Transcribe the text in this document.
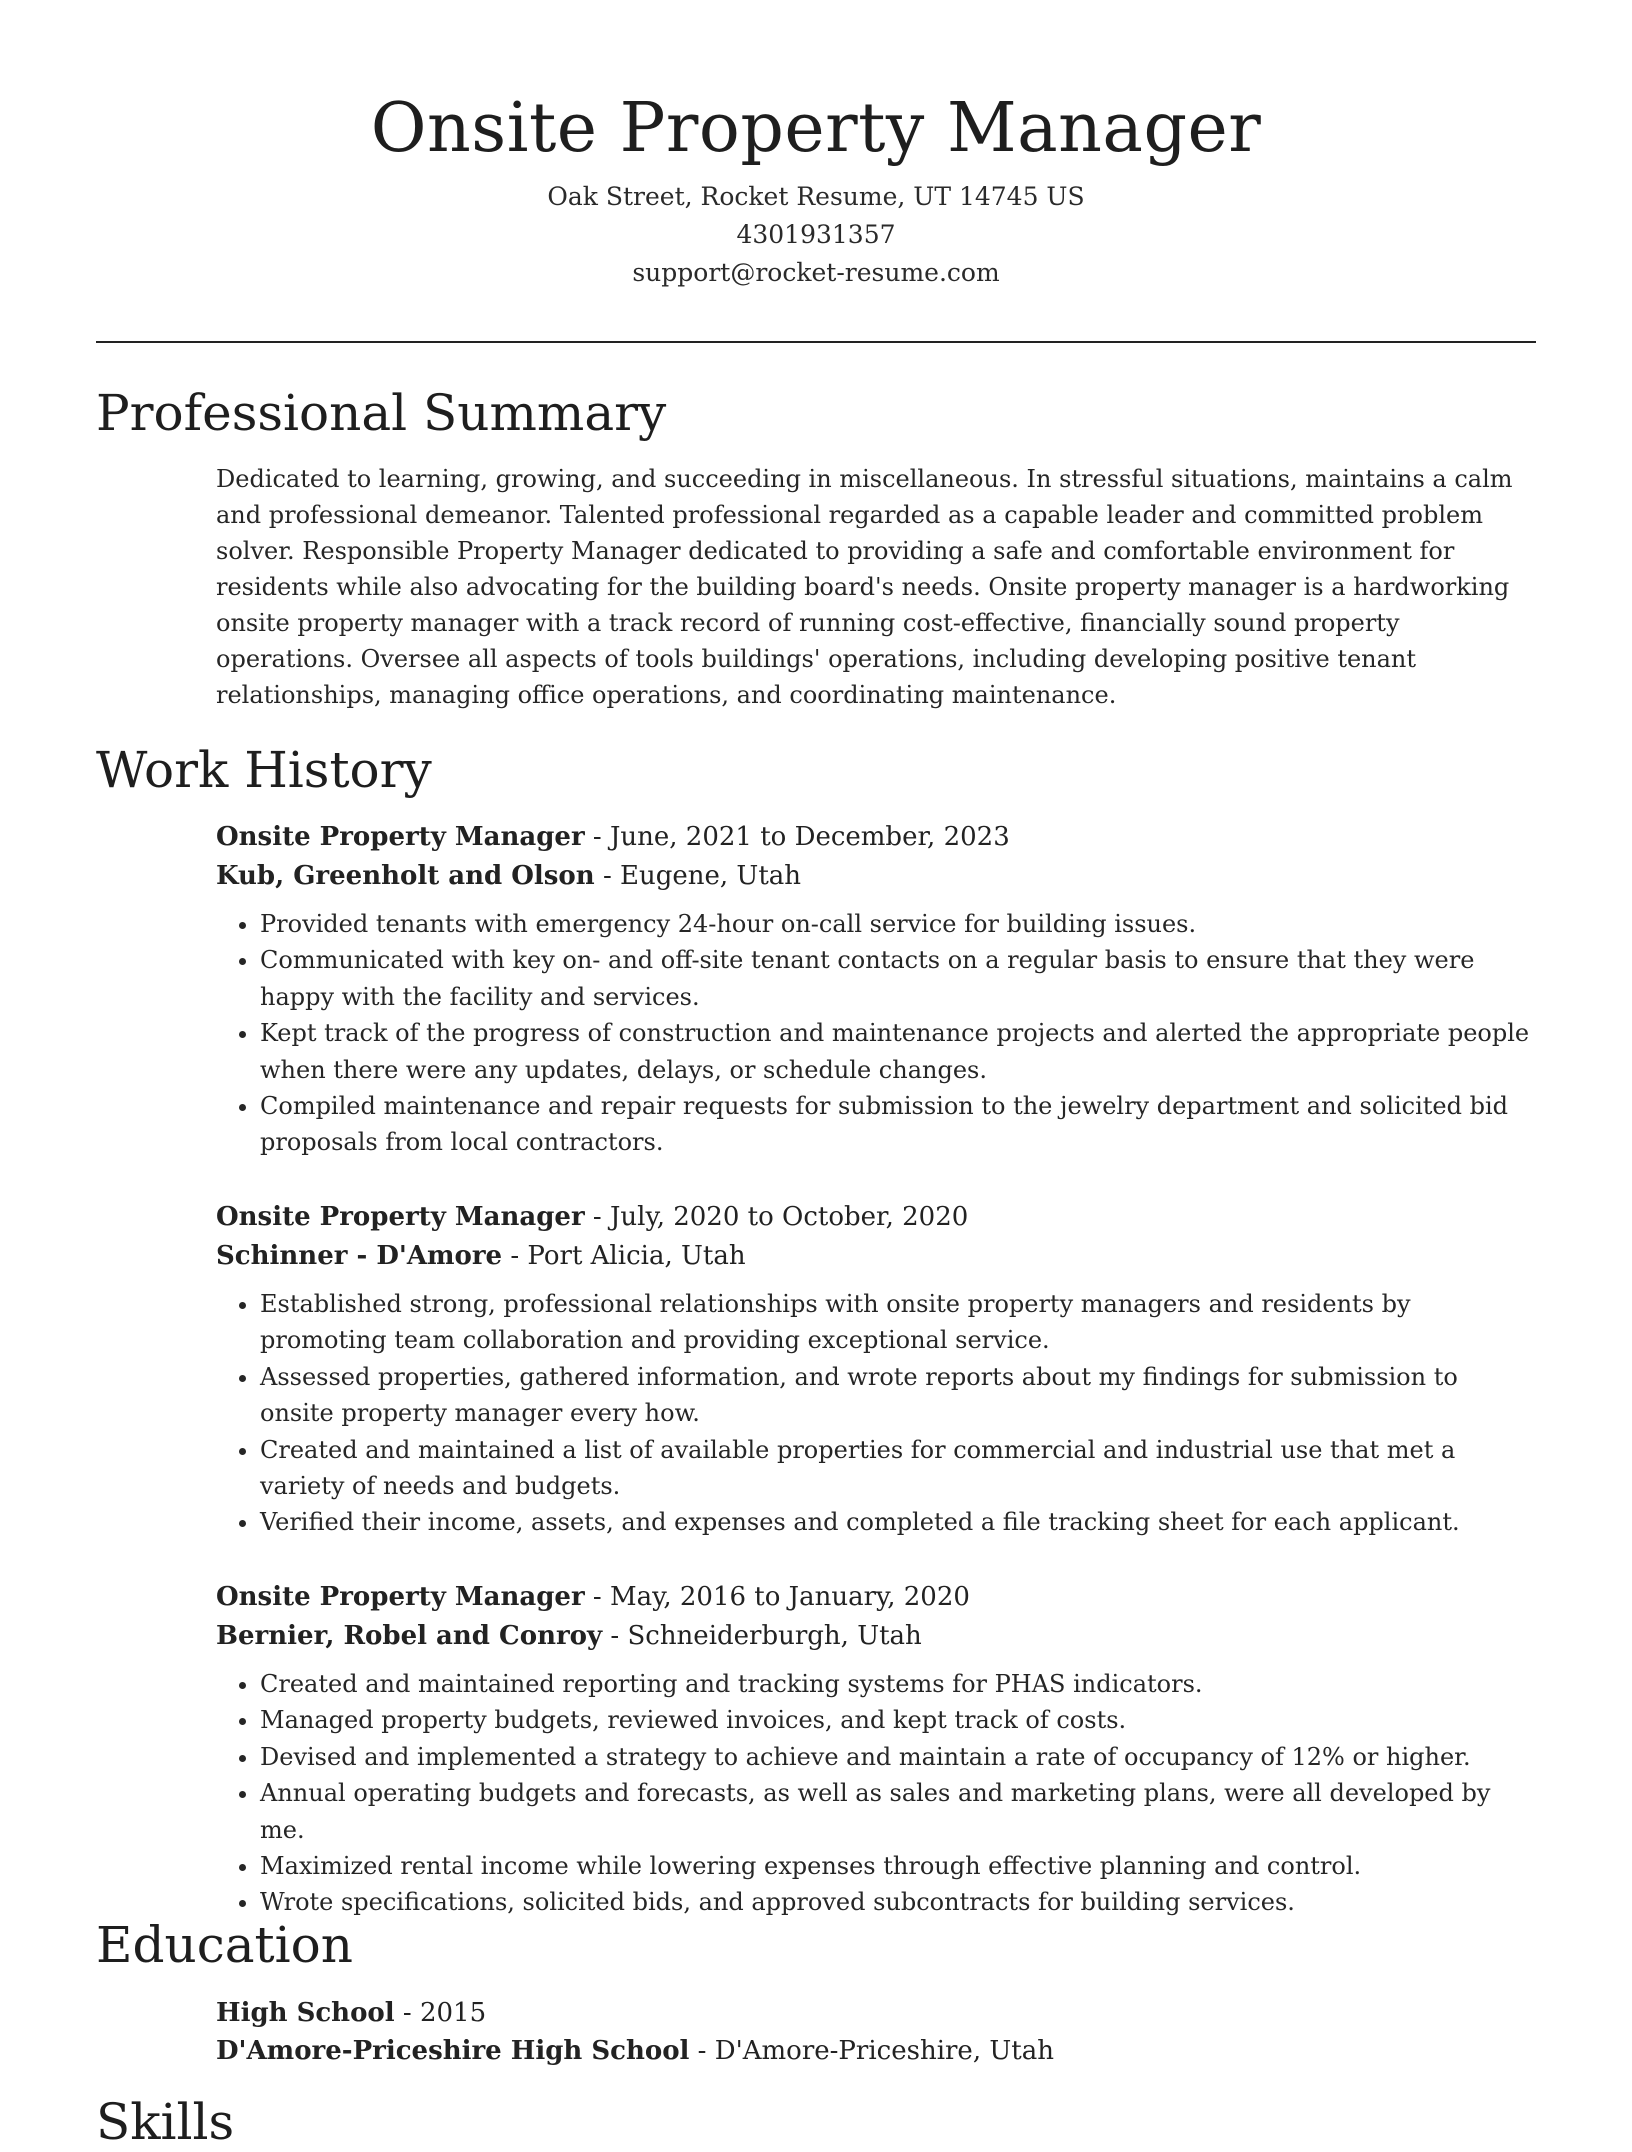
Onsite Property Manager

Oak Street, Rocket Resume, UT 14745 US

4301931357

support@rocket-resume.com

Professional Summary

Dedicated to learning, growing, and succeeding in miscellaneous. In stressful situations, maintains a calm and professional demeanor. Talented professional regarded as a capable leader and committed problem solver. Responsible Property Manager dedicated to providing a safe and comfortable environment for residents while also advocating for the building board's needs. Onsite property manager is a hardworking onsite property manager with a track record of running cost-effective, financially sound property operations. Oversee all aspects of tools buildings' operations, including developing positive tenant relationships, managing office operations, and coordinating maintenance.

Work History

Onsite Property Manager - June, 2021 to December, 2023

Kub, Greenholt and Olson - Eugene, Utah

• Provided tenants with emergency 24-hour on-call service for building issues.
• Communicated with key on- and off-site tenant contacts on a regular basis to ensure that they were happy with the facility and services.
• Kept track of the progress of construction and maintenance projects and alerted the appropriate people when there were any updates, delays, or schedule changes.
• Compiled maintenance and repair requests for submission to the jewelry department and solicited bid proposals from local contractors.

Onsite Property Manager - July, 2020 to October, 2020

Schinner - D'Amore - Port Alicia, Utah

• Established strong, professional relationships with onsite property managers and residents by promoting team collaboration and providing exceptional service.
• Assessed properties, gathered information, and wrote reports about my findings for submission to onsite property manager every how.
• Created and maintained a list of available properties for commercial and industrial use that met a variety of needs and budgets.
• Verified their income, assets, and expenses and completed a file tracking sheet for each applicant.

Onsite Property Manager - May, 2016 to January, 2020

Bernier, Robel and Conroy - Schneiderburgh, Utah

• Created and maintained reporting and tracking systems for PHAS indicators.
• Managed property budgets, reviewed invoices, and kept track of costs.
• Devised and implemented a strategy to achieve and maintain a rate of occupancy of 12% or higher.
• Annual operating budgets and forecasts, as well as sales and marketing plans, were all developed by me.
• Maximized rental income while lowering expenses through effective planning and control.
• Wrote specifications, solicited bids, and approved subcontracts for building services.
Education

High School - 2015

D'Amore-Priceshire High School - D'Amore-Priceshire, Utah

Skills
